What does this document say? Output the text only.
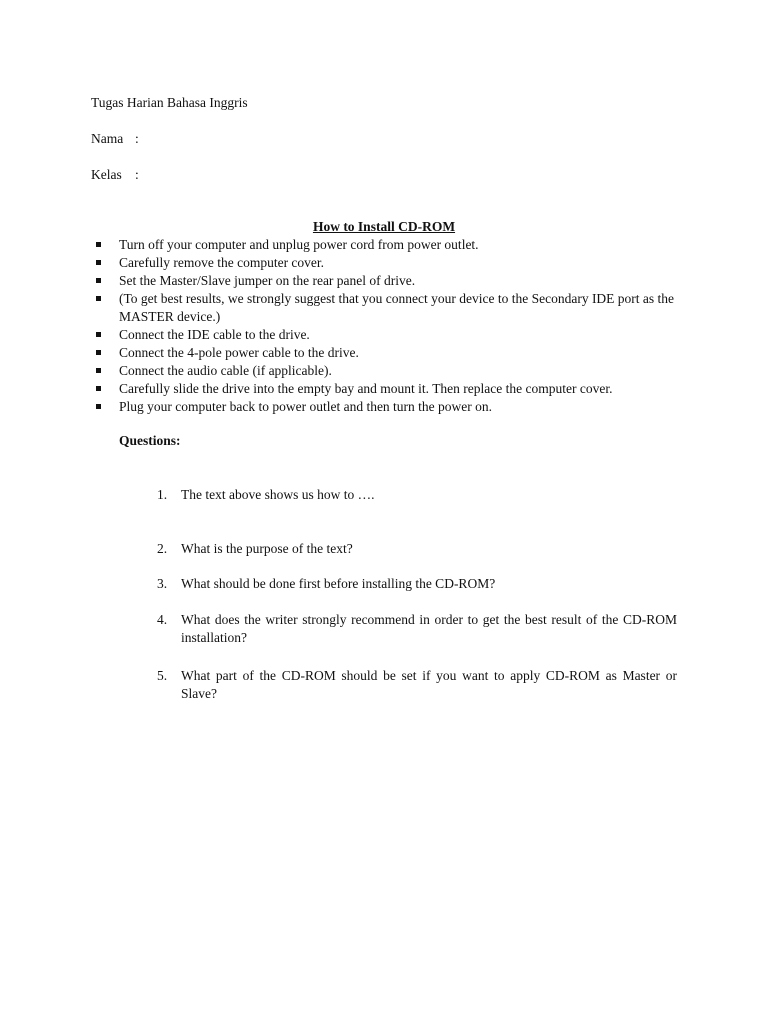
Tugas Harian Bahasa Inggris
Nama :
Kelas :
How to Install CD-ROM
Turn off your computer and unplug power cord from power outlet.
Carefully remove the computer cover.
Set the Master/Slave jumper on the rear panel of drive.
(To get best results, we strongly suggest that you connect your device to the Secondary IDE port as the MASTER device.)
Connect the IDE cable to the drive.
Connect the 4-pole power cable to the drive.
Connect the audio cable (if applicable).
Carefully slide the drive into the empty bay and mount it. Then replace the computer cover.
Plug your computer back to power outlet and then turn the power on.
Questions:
1. The text above shows us how to ….
2. What is the purpose of the text?
3. What should be done first before installing the CD-ROM?
4. What does the writer strongly recommend in order to get the best result of the CD-ROM installation?
5. What part of the CD-ROM should be set if you want to apply CD-ROM as Master or Slave?
